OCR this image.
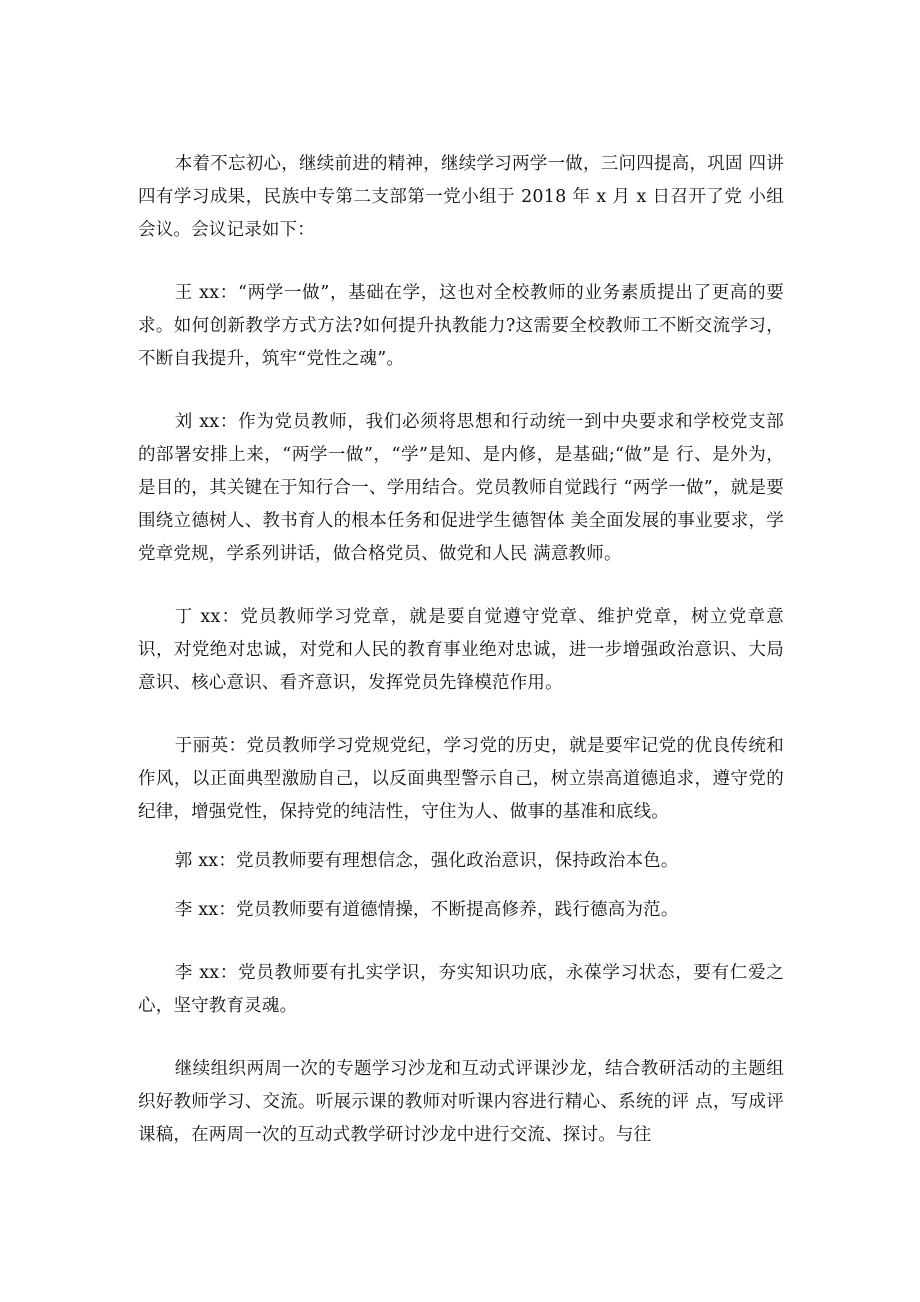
本着不忘初心，继续前进的精神，继续学习两学一做，三问四提高，巩固 四讲四有学习成果，民族中专第二支部第一党小组于 2018 年 x 月 x 日召开了党 小组会议。会议记录如下：

王 xx：“两学一做”，基础在学，这也对全校教师的业务素质提出了更高的要求。如何创新教学方式方法?如何提升执教能力?这需要全校教师工不断交流学习，不断自我提升，筑牢“党性之魂”。

刘 xx：作为党员教师，我们必须将思想和行动统一到中央要求和学校党支部的部署安排上来，“两学一做”，“学”是知、是内修，是基础;“做”是 行、是外为，是目的，其关键在于知行合一、学用结合。党员教师自觉践行 “两学一做”，就是要围绕立德树人、教书育人的根本任务和促进学生德智体 美全面发展的事业要求，学党章党规，学系列讲话，做合格党员、做党和人民 满意教师。

丁 xx：党员教师学习党章，就是要自觉遵守党章、维护党章，树立党章意识，对党绝对忠诚，对党和人民的教育事业绝对忠诚，进一步增强政治意识、大局意识、核心意识、看齐意识，发挥党员先锋模范作用。

于丽英：党员教师学习党规党纪，学习党的历史，就是要牢记党的优良传统和作风，以正面典型激励自己，以反面典型警示自己，树立崇高道德追求，遵守党的纪律，增强党性，保持党的纯洁性，守住为人、做事的基准和底线。

郭 xx：党员教师要有理想信念，强化政治意识，保持政治本色。

李 xx：党员教师要有道德情操，不断提高修养，践行德高为范。

李 xx：党员教师要有扎实学识，夯实知识功底，永葆学习状态，要有仁爱之心，坚守教育灵魂。

继续组织两周一次的专题学习沙龙和互动式评课沙龙，结合教研活动的主题组织好教师学习、交流。听展示课的教师对听课内容进行精心、系统的评 点，写成评课稿，在两周一次的互动式教学研讨沙龙中进行交流、探讨。与往
